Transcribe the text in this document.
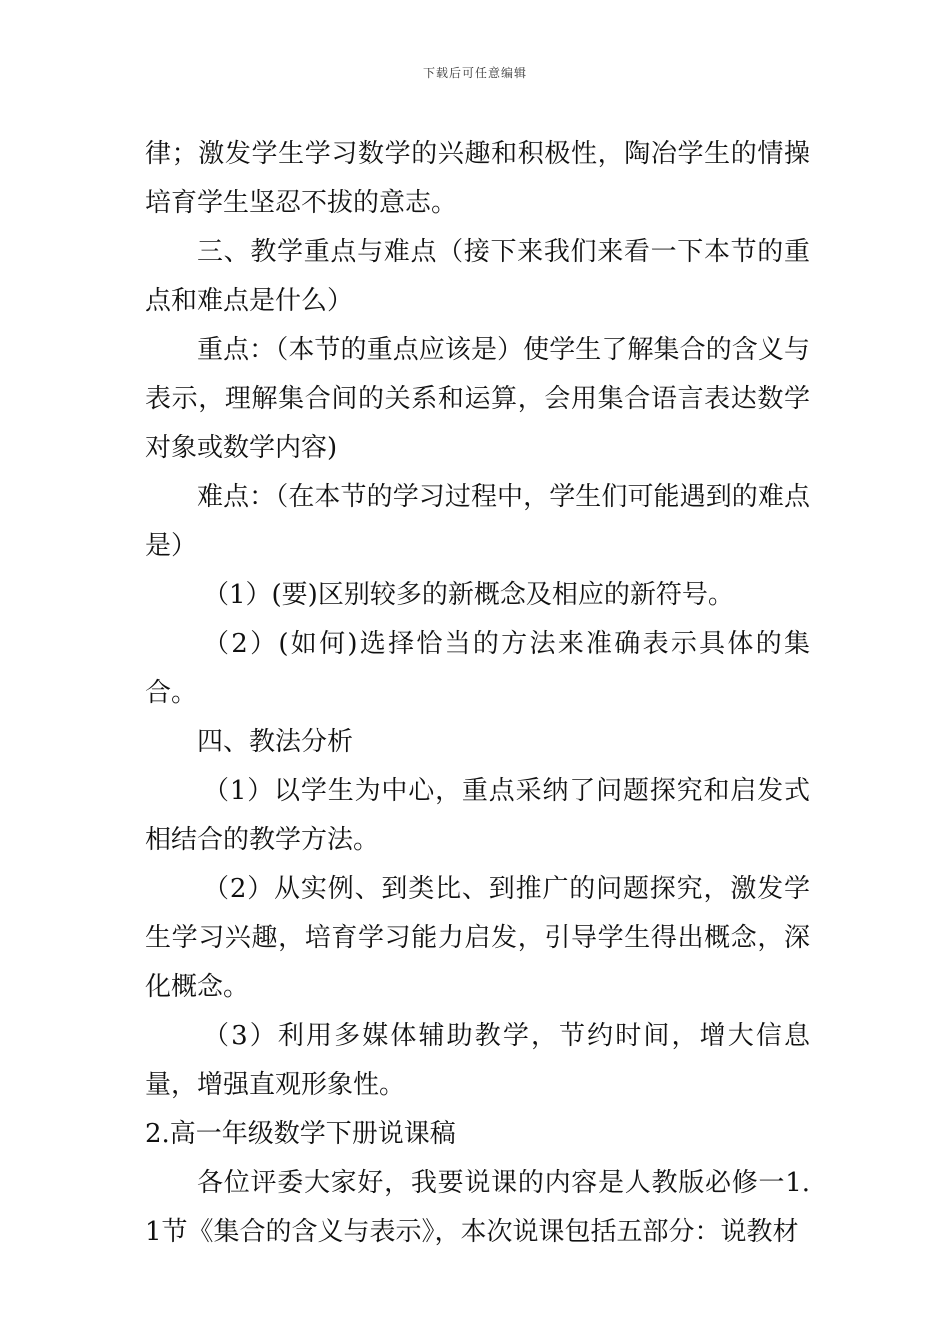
下载后可任意编辑

律；激发学生学习数学的兴趣和积极性，陶冶学生的情操培育学生坚忍不拔的意志。

三、教学重点与难点（接下来我们来看一下本节的重点和难点是什么）

重点：（本节的重点应该是）使学生了解集合的含义与表示，理解集合间的关系和运算，会用集合语言表达数学对象或数学内容)

难点：（在本节的学习过程中，学生们可能遇到的难点是）

（1）(要)区别较多的新概念及相应的新符号。

（2）(如何)选择恰当的方法来准确表示具体的集合。

四、教法分析

（1）以学生为中心，重点采纳了问题探究和启发式相结合的教学方法。

（2）从实例、到类比、到推广的问题探究，激发学生学习兴趣，培育学习能力启发，引导学生得出概念，深化概念。

（3）利用多媒体辅助教学，节约时间，增大信息量，增强直观形象性。

2.高一年级数学下册说课稿

各位评委大家好，我要说课的内容是人教版必修一1.1节《集合的含义与表示》，本次说课包括五部分：说教材
